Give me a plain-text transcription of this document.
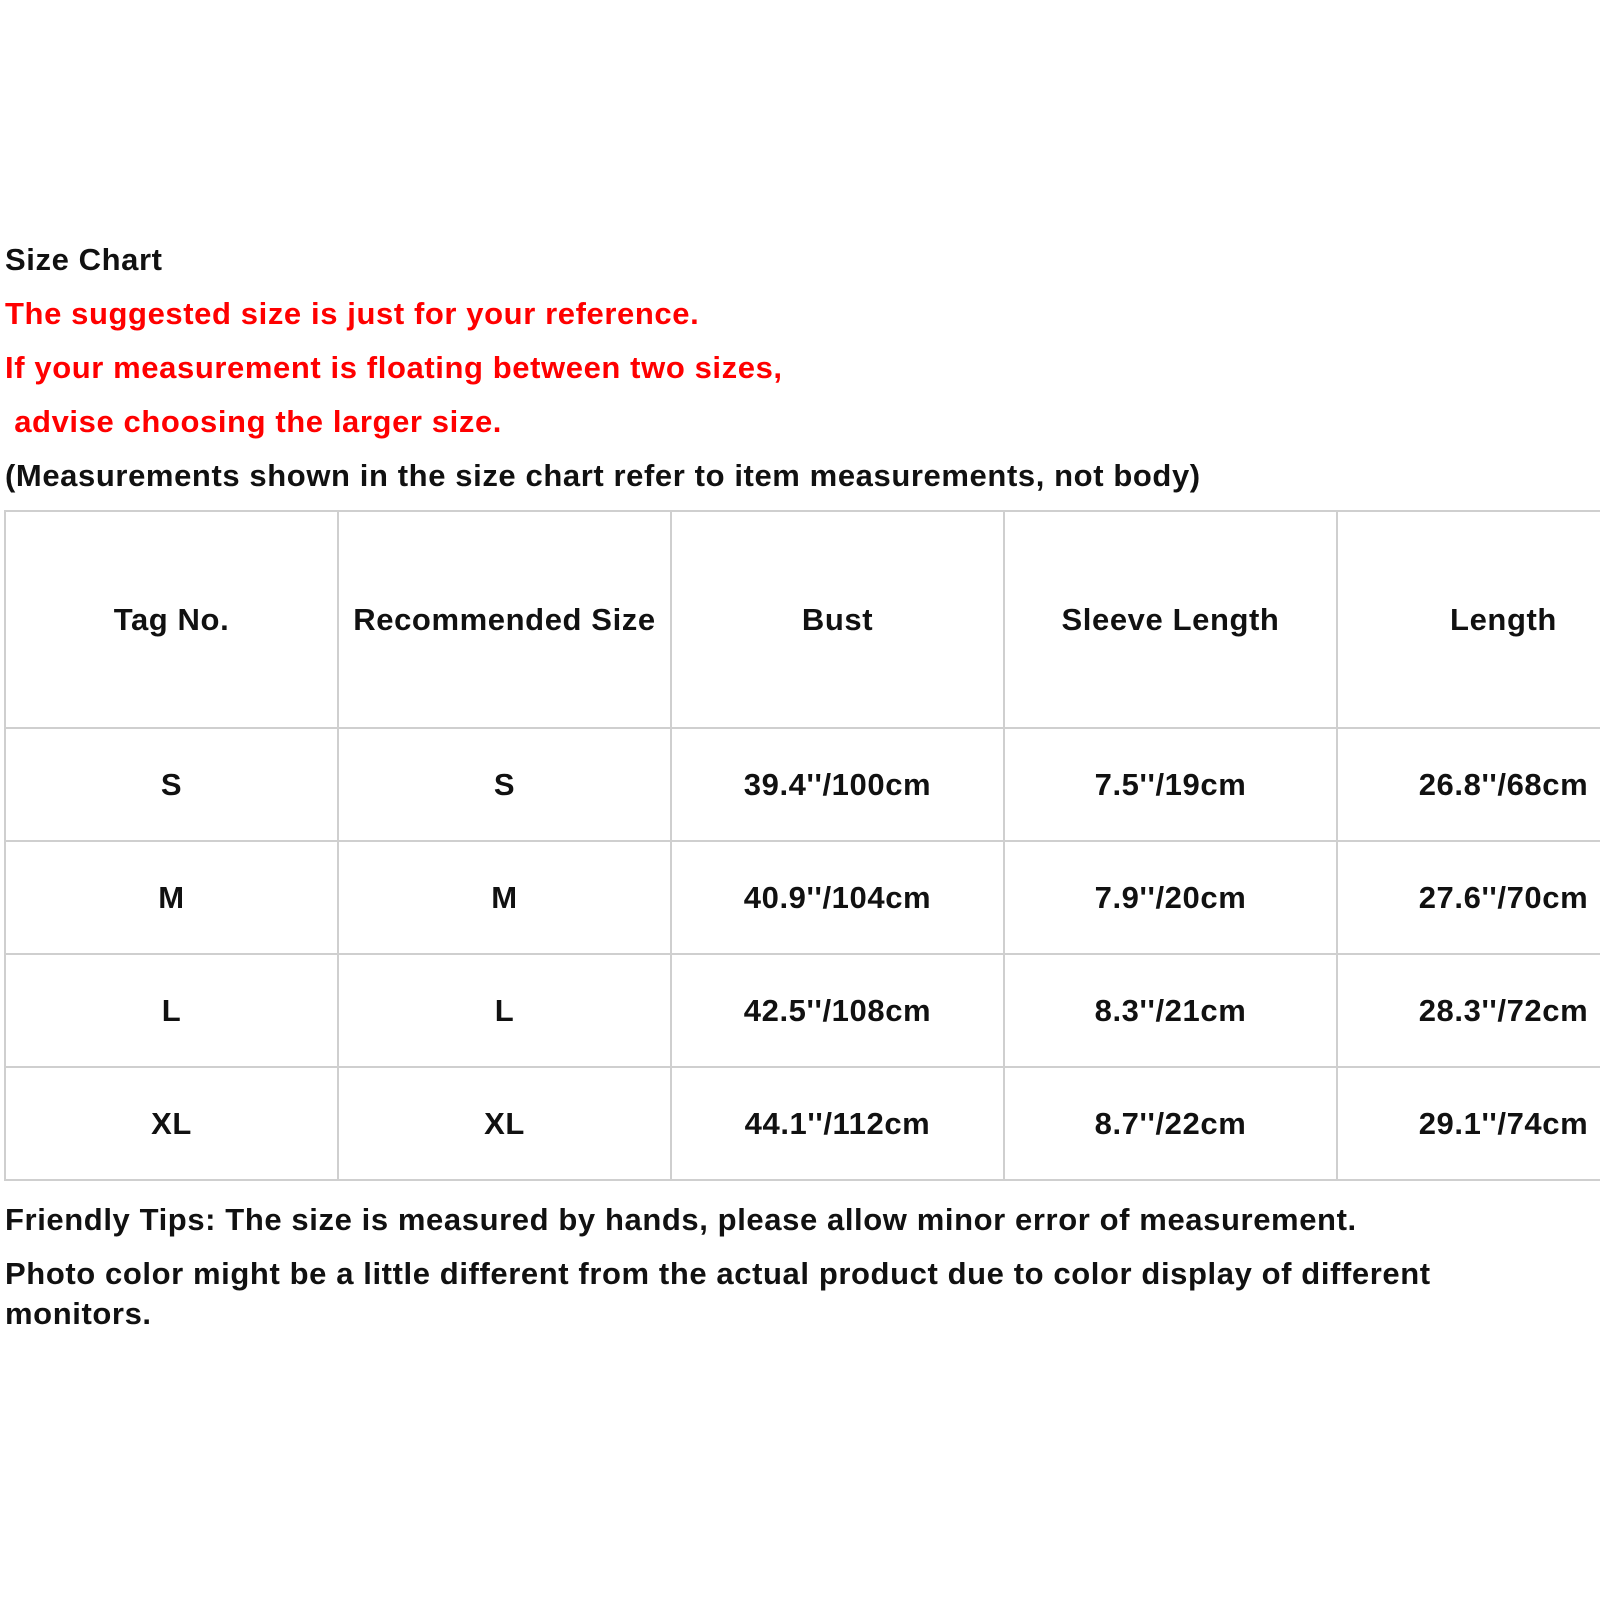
Size Chart
The suggested size is just for your reference.
If your measurement is floating between two sizes,
advise choosing the larger size.
(Measurements shown in the size chart refer to item measurements, not body)
Tag No.	Recommended Size	Bust	Sleeve Length	Length
S	S	39.4''/100cm	7.5''/19cm	26.8''/68cm
M	M	40.9''/104cm	7.9''/20cm	27.6''/70cm
L	L	42.5''/108cm	8.3''/21cm	28.3''/72cm
XL	XL	44.1''/112cm	8.7''/22cm	29.1''/74cm
Friendly Tips: The size is measured by hands, please allow minor error of measurement.
Photo color might be a little different from the actual product due to color display of different
monitors.
